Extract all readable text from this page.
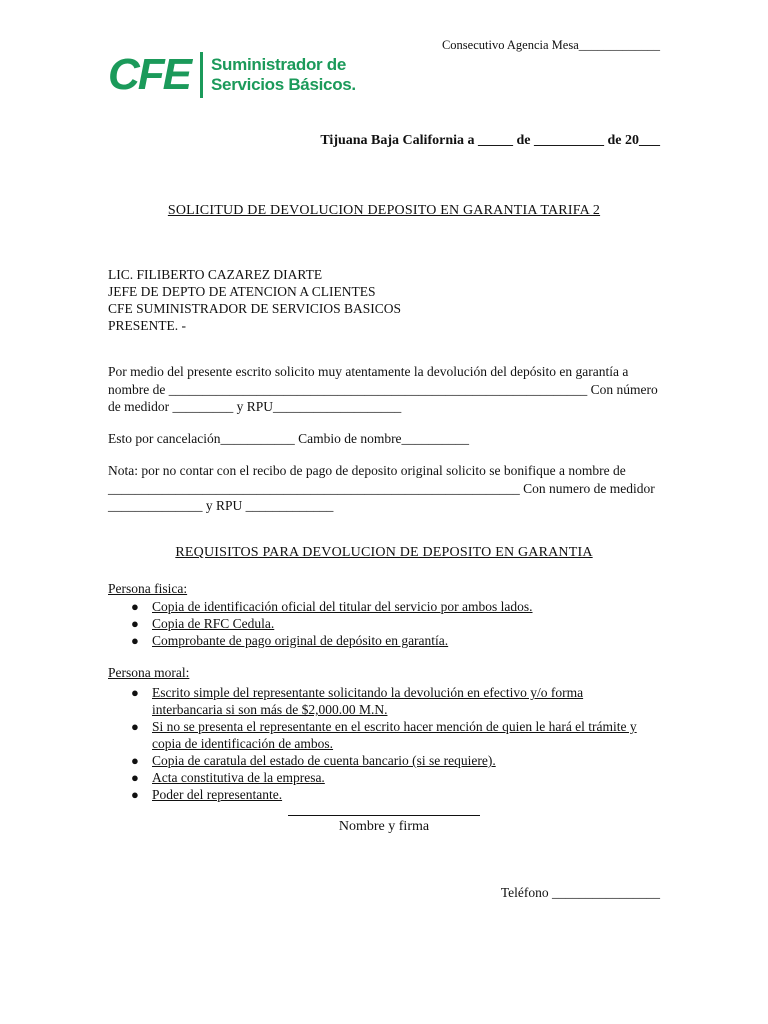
Consecutivo Agencia Mesa_____________
CFE Suministrador de
Servicios Básicos.
Tijuana Baja California a _____ de __________ de 20___
SOLICITUD DE DEVOLUCION DEPOSITO EN GARANTIA TARIFA 2
LIC. FILIBERTO CAZAREZ DIARTE
JEFE DE DEPTO DE ATENCION A CLIENTES
CFE SUMINISTRADOR DE SERVICIOS BASICOS
PRESENTE. -
Por medio del presente escrito solicito muy atentamente la devolución del depósito en garantía a nombre de ______________________________________________________________ Con número de medidor _________ y RPU___________________
Esto por cancelación___________ Cambio de nombre__________
Nota: por no contar con el recibo de pago de deposito original solicito se bonifique a nombre de _____________________________________________________________ Con numero de medidor ______________ y RPU _____________
REQUISITOS PARA DEVOLUCION DE DEPOSITO EN GARANTIA
Persona fisica:
● Copia de identificación oficial del titular del servicio por ambos lados.
● Copia de RFC Cedula.
● Comprobante de pago original de depósito en garantía.
Persona moral:
● Escrito simple del representante solicitando la devolución en efectivo y/o forma
interbancaria si son más de $2,000.00 M.N.
● Si no se presenta el representante en el escrito hacer mención de quien le hará el trámite y
copia de identificación de ambos.
● Copia de caratula del estado de cuenta bancario (si se requiere).
● Acta constitutiva de la empresa.
● Poder del representante.
Nombre y firma
Teléfono ________________
